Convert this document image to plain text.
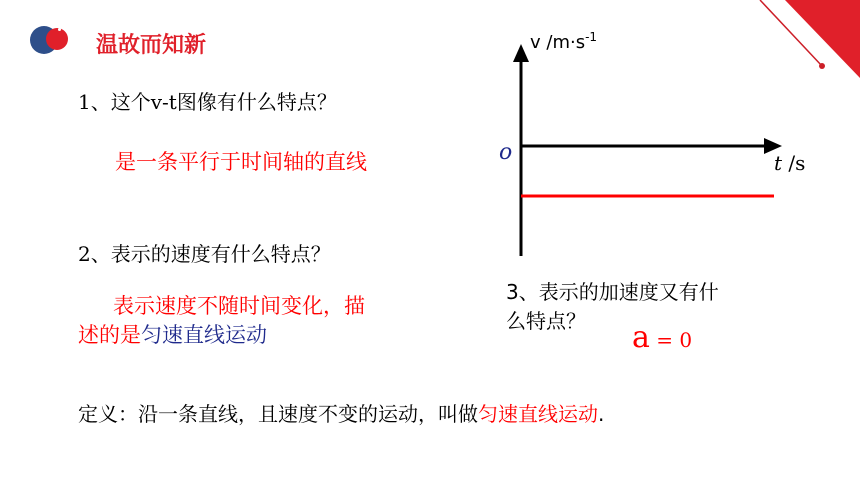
温故而知新
1、这个v-t图像有什么特点？
是一条平行于时间轴的直线
2、表示的速度有什么特点？
表示速度不随时间变化，描
述的是匀速直线运动
3、表示的加速度又有什
么特点？ a = 0
v $/m\cdot s^{-1}$
t /s
o
定义：沿一条直线，且速度不变的运动，叫做匀速直线运动.
